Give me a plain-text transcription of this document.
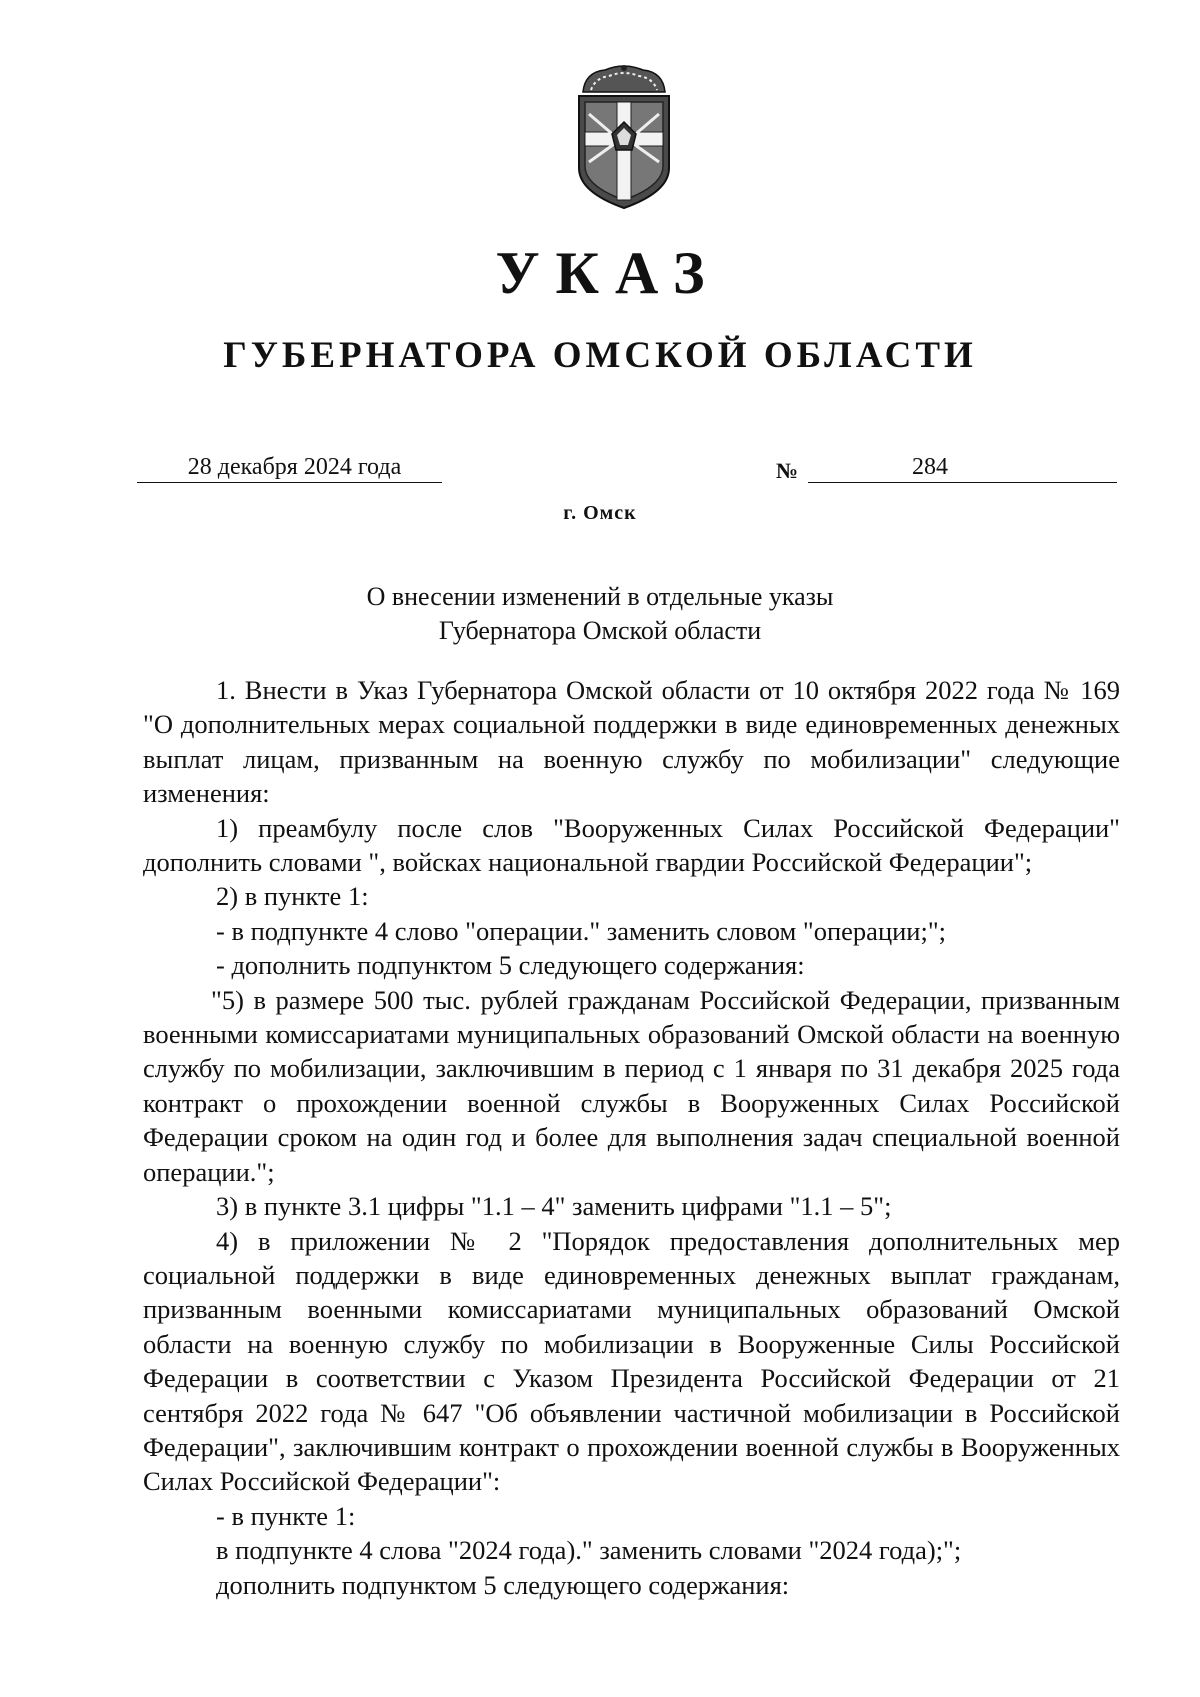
УКАЗ
ГУБЕРНАТОРА ОМСКОЙ ОБЛАСТИ
28 декабря 2024 года	№	284
г. Омск
О внесении изменений в отдельные указы
Губернатора Омской области

1. Внести в Указ Губернатора Омской области от 10 октября 2022 года № 169 "О дополнительных мерах социальной поддержки в виде единовременных денежных выплат лицам, призванным на военную службу по мобилизации" следующие изменения:

1) преамбулу после слов "Вооруженных Силах Российской Федерации" дополнить словами ", войсках национальной гвардии Российской Федерации";

2) в пункте 1:

- в подпункте 4 слово "операции." заменить словом "операции;";

- дополнить подпунктом 5 следующего содержания:

"5) в размере 500 тыс. рублей гражданам Российской Федерации, призванным военными комиссариатами муниципальных образований Омской области на военную службу по мобилизации, заключившим в период с 1 января по 31 декабря 2025 года контракт о прохождении военной службы в Вооруженных Силах Российской Федерации сроком на один год и более для выполнения задач специальной военной операции.";

3) в пункте 3.1 цифры "1.1 – 4" заменить цифрами "1.1 – 5";

4) в приложении № 2 "Порядок предоставления дополнительных мер социальной поддержки в виде единовременных денежных выплат гражданам, призванным военными комиссариатами муниципальных образований Омской области на военную службу по мобилизации в Вооруженные Силы Российской Федерации в соответствии с Указом Президента Российской Федерации от 21 сентября 2022 года № 647 "Об объявлении частичной мобилизации в Российской Федерации", заключившим контракт о прохождении военной службы в Вооруженных Силах Российской Федерации":

- в пункте 1:

в подпункте 4 слова "2024 года)." заменить словами "2024 года);";

дополнить подпунктом 5 следующего содержания:
